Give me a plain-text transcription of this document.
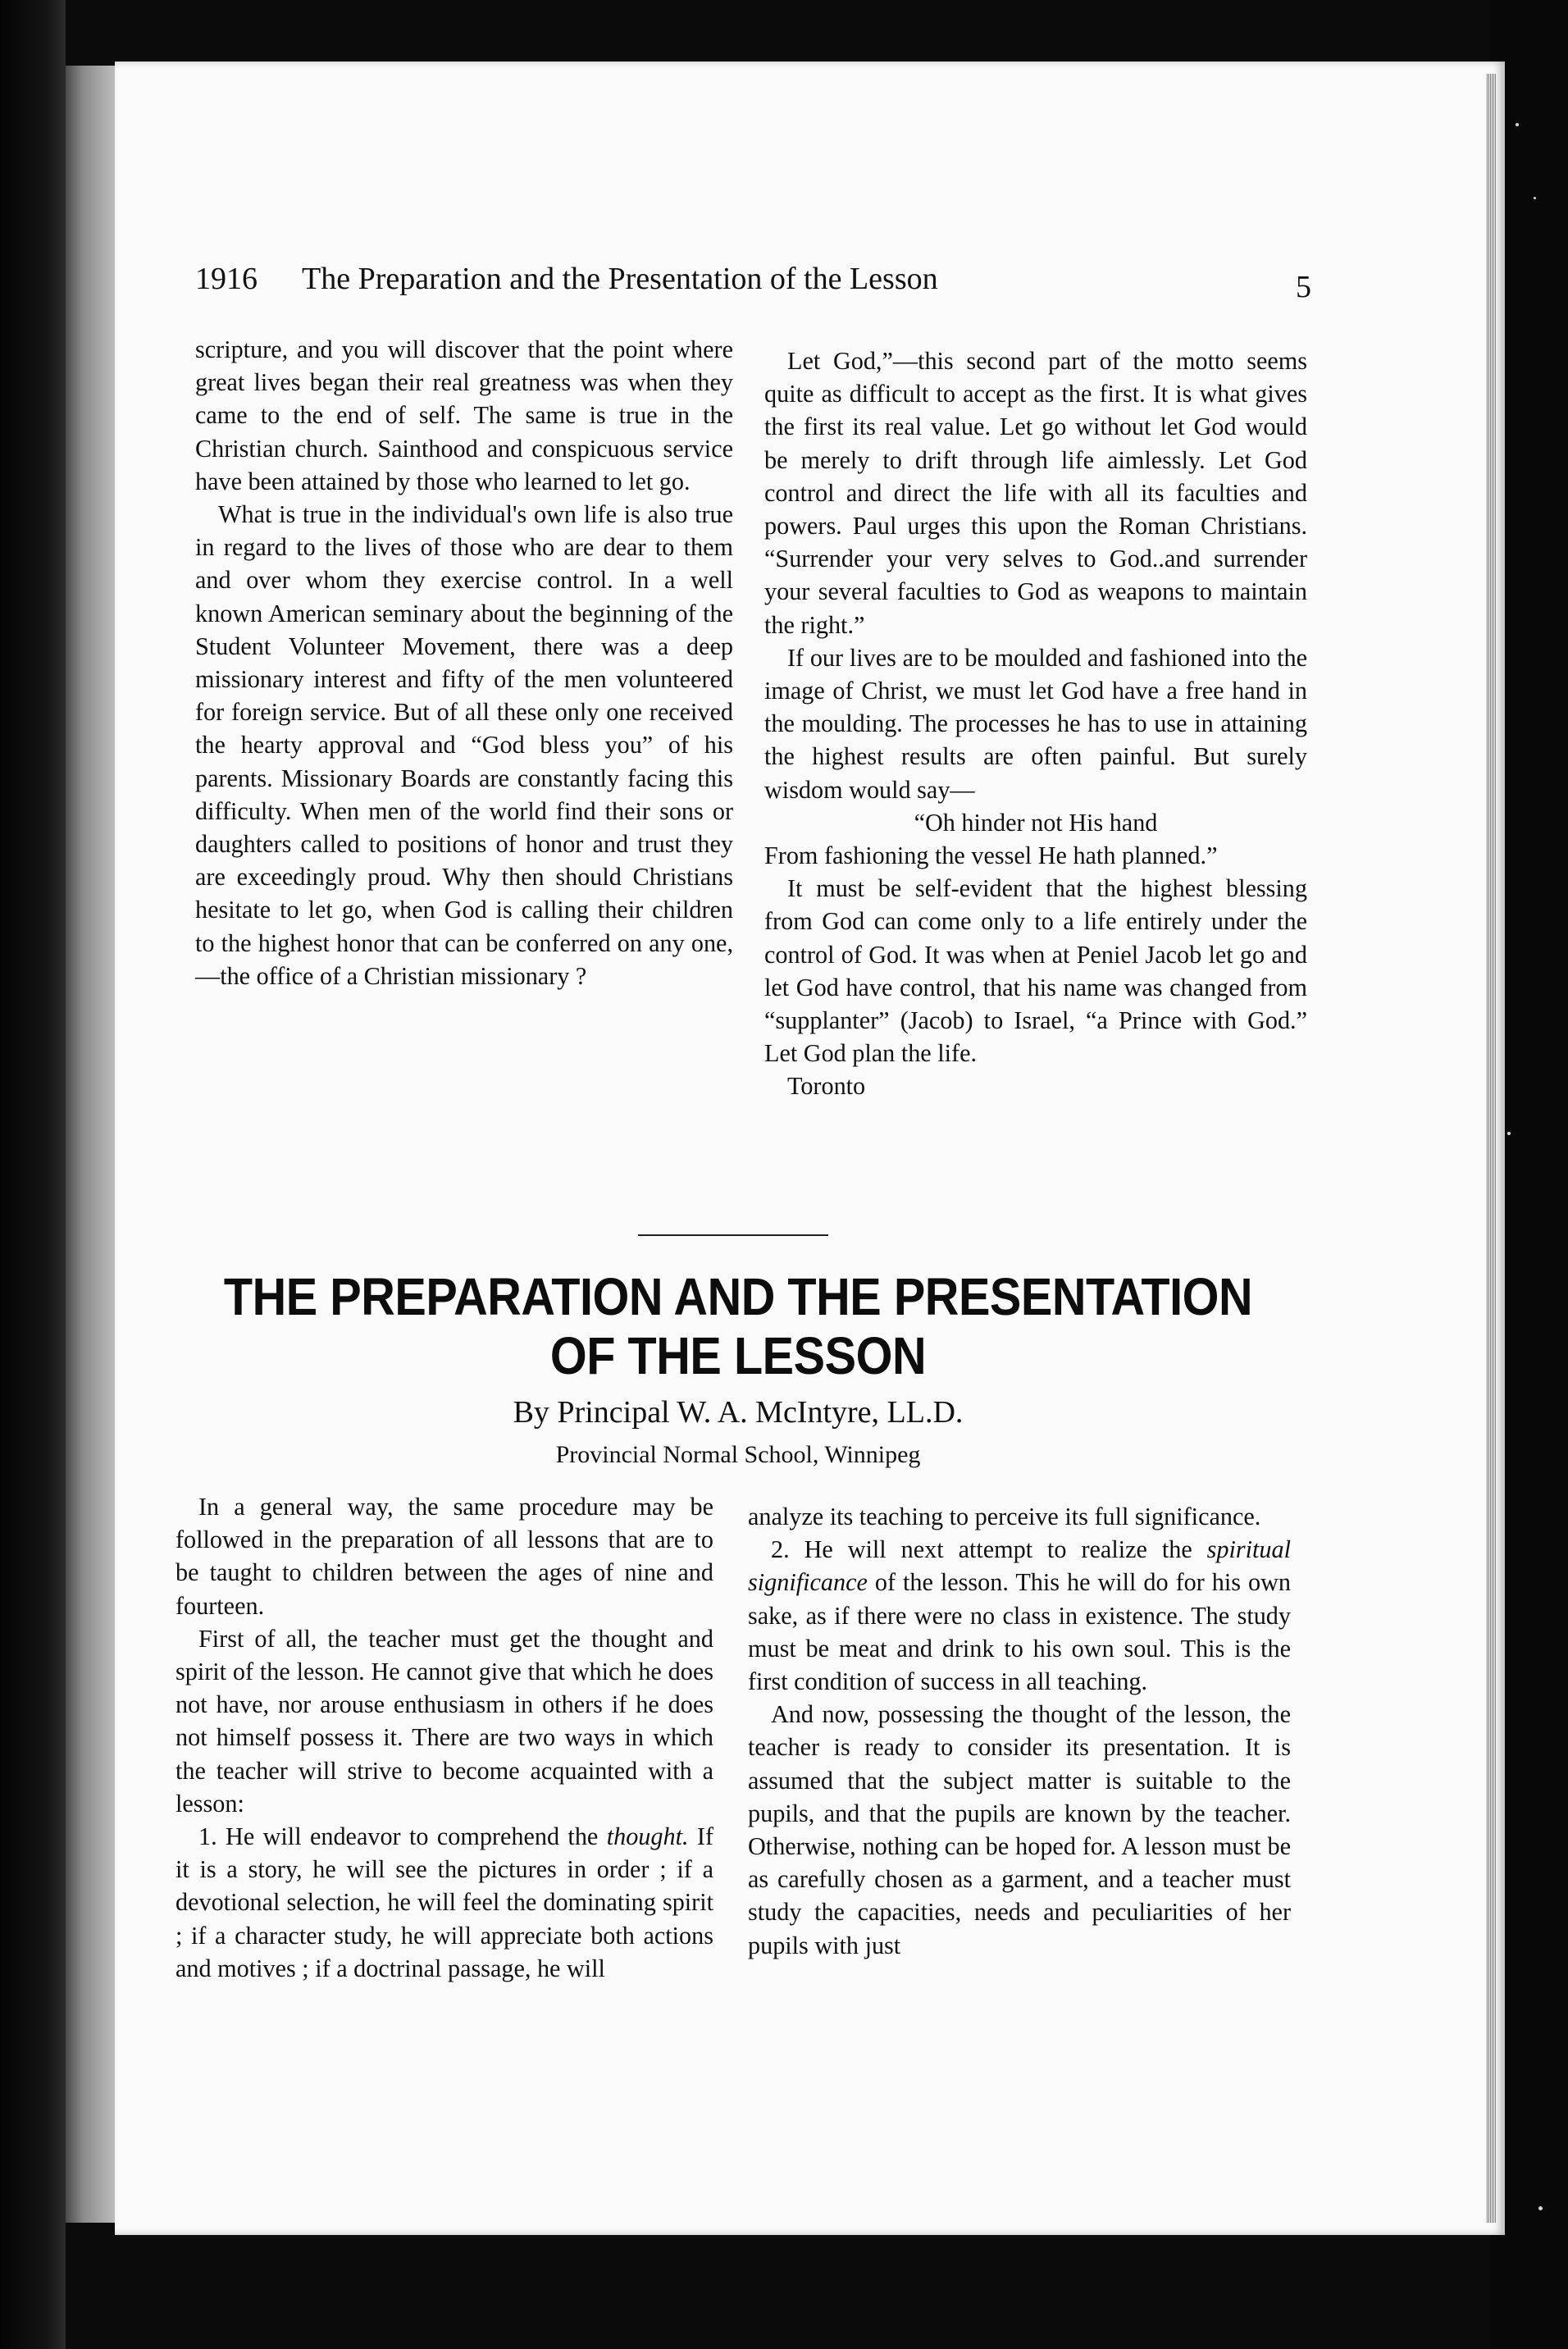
1916 The Preparation and the Presentation of the Lesson	5

scripture, and you will discover that the point where great lives began their real greatness was when they came to the end of self. The same is true in the Christian church. Sainthood and conspicuous service have been attained by those who learned to let go.

What is true in the individual's own life is also true in regard to the lives of those who are dear to them and over whom they exercise control. In a well known American seminary about the beginning of the Student Volunteer Movement, there was a deep missionary interest and fifty of the men volunteered for foreign service. But of all these only one received the hearty approval and “God bless you” of his parents. Missionary Boards are constantly facing this difficulty. When men of the world find their sons or daughters called to positions of honor and trust they are exceedingly proud. Why then should Christians hesitate to let go, when God is calling their children to the highest honor that can be conferred on any one,—the office of a Christian missionary ?

Let God,”—this second part of the motto seems quite as difficult to accept as the first. It is what gives the first its real value. Let go without let God would be merely to drift through life aimlessly. Let God control and direct the life with all its faculties and powers. Paul urges this upon the Roman Christians. “Surrender your very selves to God..and surrender your several faculties to God as weapons to maintain the right.”

If our lives are to be moulded and fashioned into the image of Christ, we must let God have a free hand in the moulding. The processes he has to use in attaining the highest results are often painful. But surely wisdom would say—

“Oh hinder not His hand

From fashioning the vessel He hath planned.”

It must be self-evident that the highest blessing from God can come only to a life entirely under the control of God. It was when at Peniel Jacob let go and let God have control, that his name was changed from “supplanter” (Jacob) to Israel, “a Prince with God.” Let God plan the life.

Toronto

THE PREPARATION AND THE PRESENTATION
OF THE LESSON
By Principal W. A. McIntyre, LL.D.
Provincial Normal School, Winnipeg

In a general way, the same procedure may be followed in the preparation of all lessons that are to be taught to children between the ages of nine and fourteen.

First of all, the teacher must get the thought and spirit of the lesson. He cannot give that which he does not have, nor arouse enthusiasm in others if he does not himself possess it. There are two ways in which the teacher will strive to become acquainted with a lesson:

1. He will endeavor to comprehend the thought. If it is a story, he will see the pictures in order ; if a devotional selection, he will feel the dominating spirit ; if a character study, he will appreciate both actions and motives ; if a doctrinal passage, he will

analyze its teaching to perceive its full significance.

2. He will next attempt to realize the spiritual significance of the lesson. This he will do for his own sake, as if there were no class in existence. The study must be meat and drink to his own soul. This is the first condition of success in all teaching.

And now, possessing the thought of the lesson, the teacher is ready to consider its presentation. It is assumed that the subject matter is suitable to the pupils, and that the pupils are known by the teacher. Otherwise, nothing can be hoped for. A lesson must be as carefully chosen as a garment, and a teacher must study the capacities, needs and peculiarities of her pupils with just
